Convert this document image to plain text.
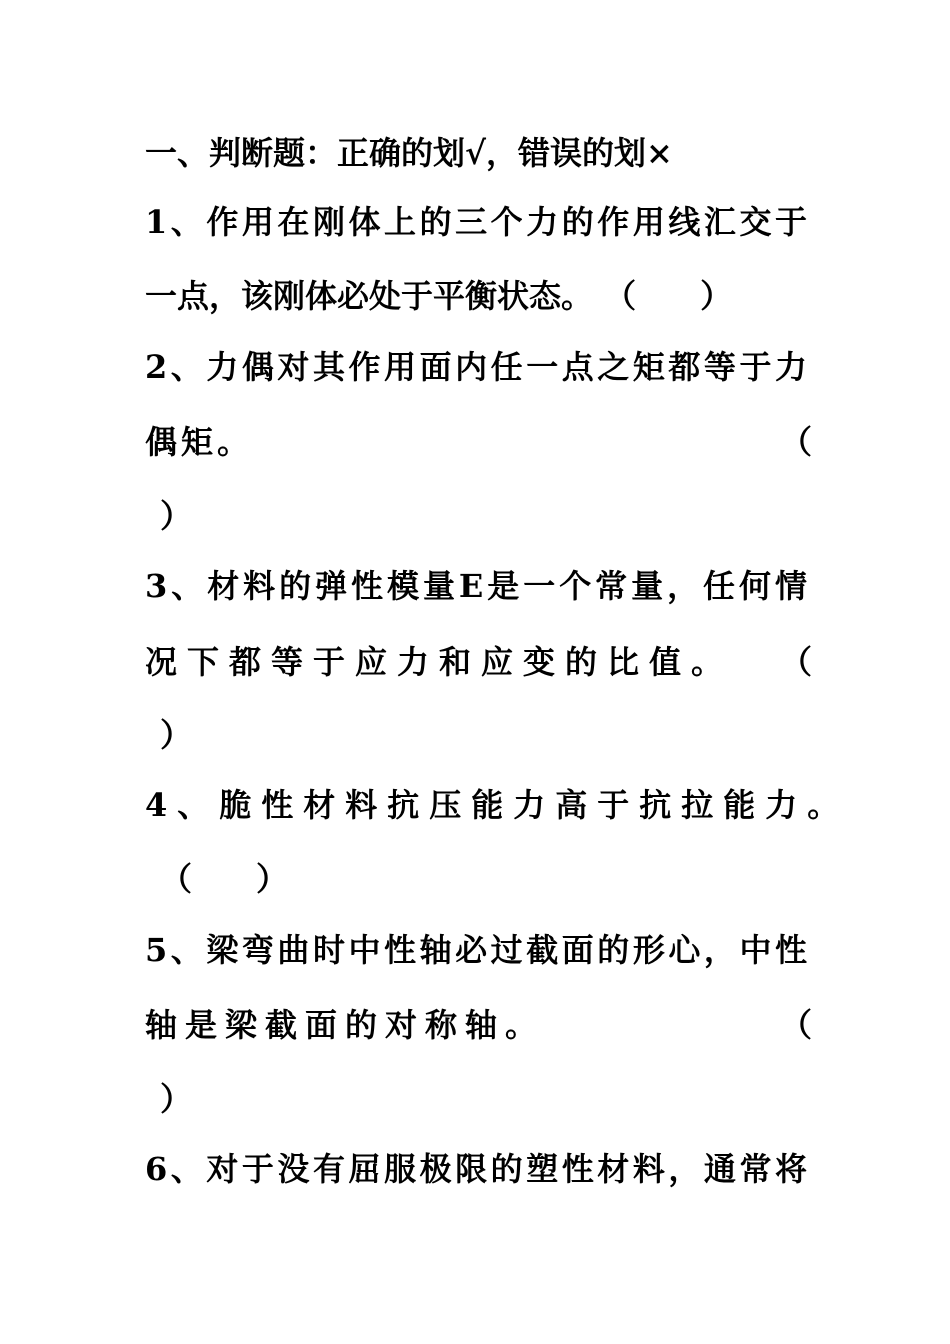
一、判断题：正确的划√，错误的划×
1、作用在刚体上的三个力的作用线汇交于
一点，该刚体必处于平衡状态。 （　　）
2、力偶对其作用面内任一点之矩都等于力
偶矩。	（
）
3、材料的弹性模量E是一个常量，任何情
况下都等于应力和应变的比值。	（
）
4、脆性材料抗压能力高于抗拉能力。
（　　）
5、梁弯曲时中性轴必过截面的形心，中性
轴是梁截面的对称轴。	（
）
6、对于没有屈服极限的塑性材料，通常将
